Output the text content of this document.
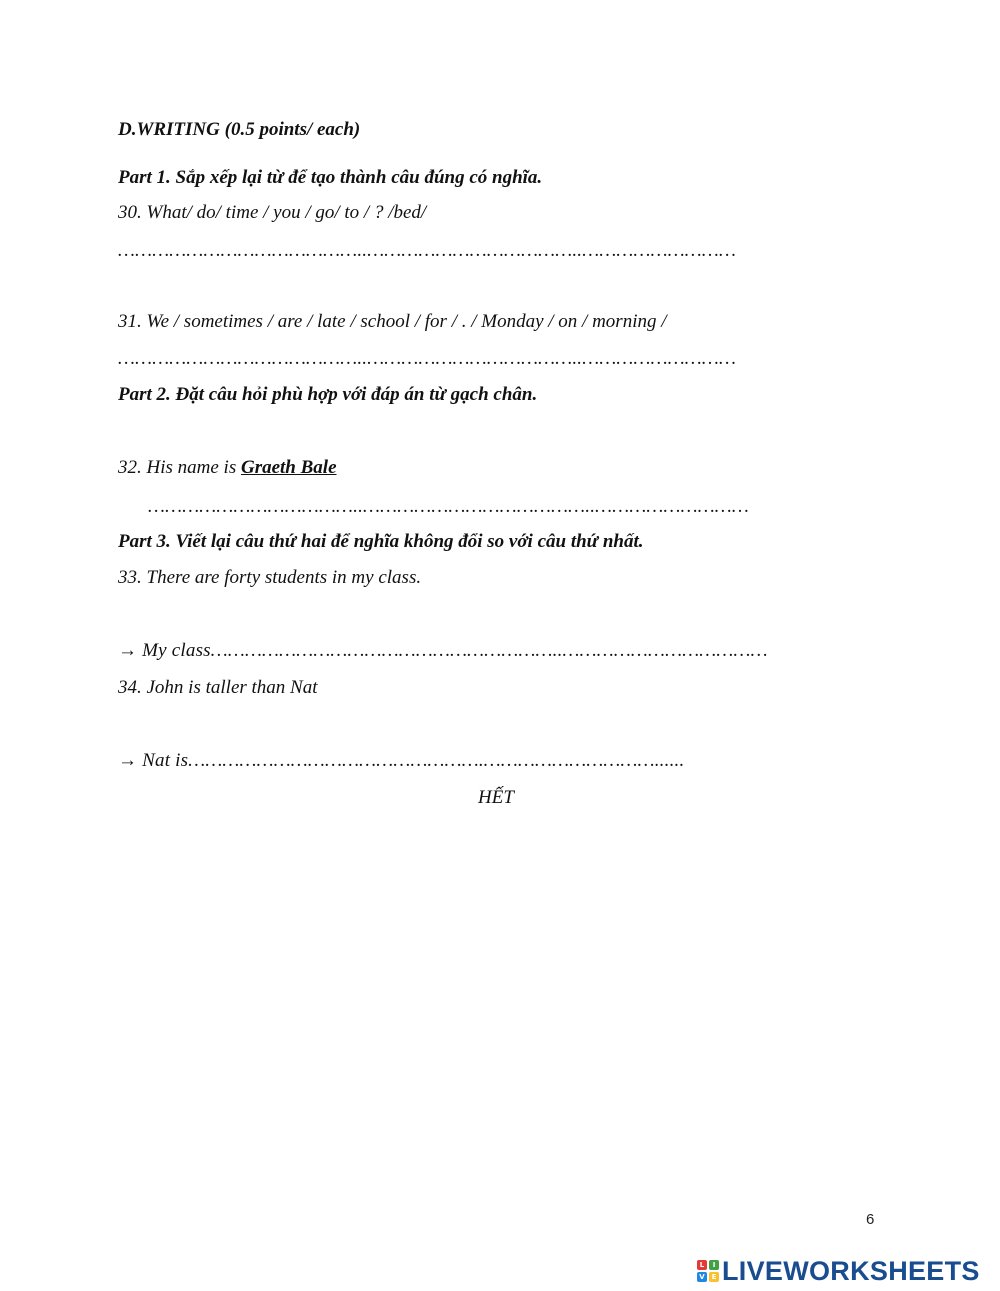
D.WRITING (0.5 points/ each)
Part 1. Sắp xếp lại từ để tạo thành câu đúng có nghĩa.
30. What/ do/ time / you / go/ to / ? /bed/
……………………………………..………………………………..………………………
31. We / sometimes / are / late / school / for / . / Monday / on / morning /
……………………………………..………………………………..………………………
Part 2. Đặt câu hỏi phù hợp với đáp án từ gạch chân.
32. His name is Graeth Bale
………………………………..…………………………………..………………………
Part 3. Viết lại câu thứ hai để nghĩa không đổi so với câu thứ nhất.
33. There are forty students in my class.
→ My class……………………………………………………..………………………………
34. John is taller than Nat
→ Nat is…………………………………………….…………………………......
HẾT
6
L	I
V E LIVEWORKSHEETS
